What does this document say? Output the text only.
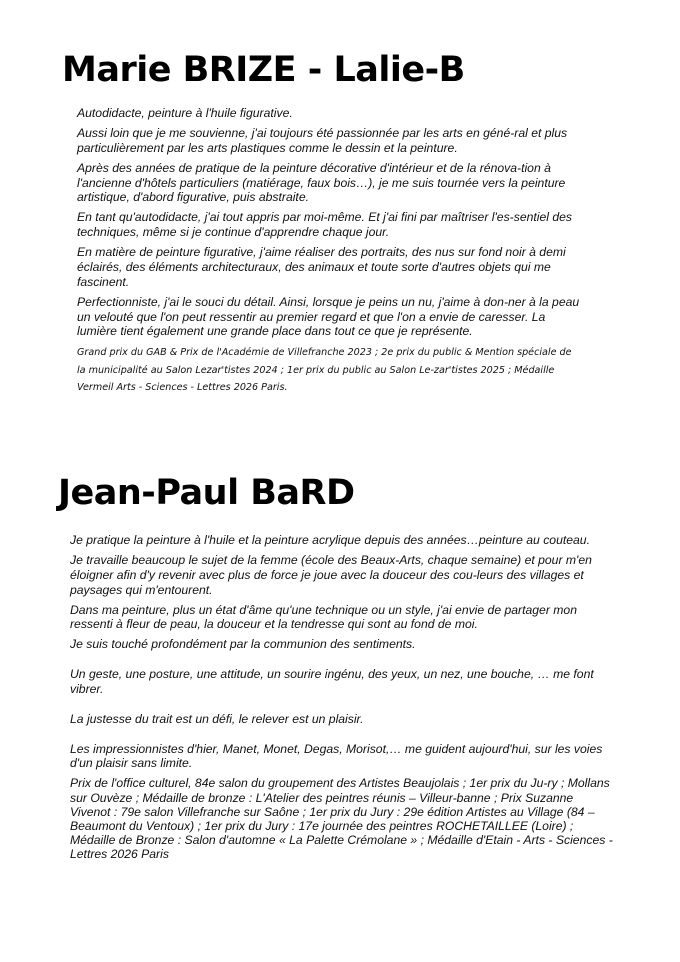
Marie BRIZE - Lalie-B

Autodidacte, peinture à l'huile figurative.

Aussi loin que je me souvienne, j'ai toujours été passionnée par les arts en géné-ral et plus particulièrement par les arts plastiques comme le dessin et la peinture.

Après des années de pratique de la peinture décorative d'intérieur et de la rénova-tion à l'ancienne d'hôtels particuliers (matiérage, faux bois…), je me suis tournée vers la peinture artistique, d'abord figurative, puis abstraite.

En tant qu'autodidacte, j'ai tout appris par moi-même. Et j'ai fini par maîtriser l'es-sentiel des techniques, même si je continue d'apprendre chaque jour.

En matière de peinture figurative, j'aime réaliser des portraits, des nus sur fond noir à demi éclairés, des éléments architecturaux, des animaux et toute sorte d'autres objets qui me fascinent.

Perfectionniste, j'ai le souci du détail. Ainsi, lorsque je peins un nu, j'aime à don-ner à la peau un velouté que l'on peut ressentir au premier regard et que l'on a envie de caresser. La lumière tient également une grande place dans tout ce que je représente.

Grand prix du GAB & Prix de l'Académie de Villefranche 2023 ; 2e prix du public & Mention spéciale de la municipalité au Salon Lezar'tistes 2024 ; 1er prix du public au Salon Le-zar'tistes 2025 ; Médaille Vermeil Arts - Sciences - Lettres 2026 Paris.

Jean-Paul BaRD

Je pratique la peinture à l'huile et la peinture acrylique depuis des années…peinture au couteau.

Je travaille beaucoup le sujet de la femme (école des Beaux-Arts, chaque semaine) et pour m'en éloigner afin d'y revenir avec plus de force je joue avec la douceur des cou-leurs des villages et paysages qui m'entourent.

Dans ma peinture, plus un état d'âme qu'une technique ou un style, j'ai envie de partager mon ressenti à fleur de peau, la douceur et la tendresse qui sont au fond de moi.

Je suis touché profondément par la communion des sentiments.

Un geste, une posture, une attitude, un sourire ingénu, des yeux, un nez, une bouche, … me font vibrer.

La justesse du trait est un défi, le relever est un plaisir.

Les impressionnistes d'hier, Manet, Monet, Degas, Morisot,… me guident aujourd'hui, sur les voies d'un plaisir sans limite.

Prix de l'office culturel, 84e salon du groupement des Artistes Beaujolais ; 1er prix du Ju-ry ; Mollans sur Ouvèze ; Médaille de bronze : L'Atelier des peintres réunis – Villeur-banne ; Prix Suzanne Vivenot : 79e salon Villefranche sur Saône ; 1er prix du Jury : 29e édition Artistes au Village (84 – Beaumont du Ventoux) ; 1er prix du Jury : 17e journée des peintres ROCHETAILLEE (Loire) ; Médaille de Bronze : Salon d'automne « La Palette Crémolane » ; Médaille d'Etain - Arts - Sciences - Lettres 2026 Paris
